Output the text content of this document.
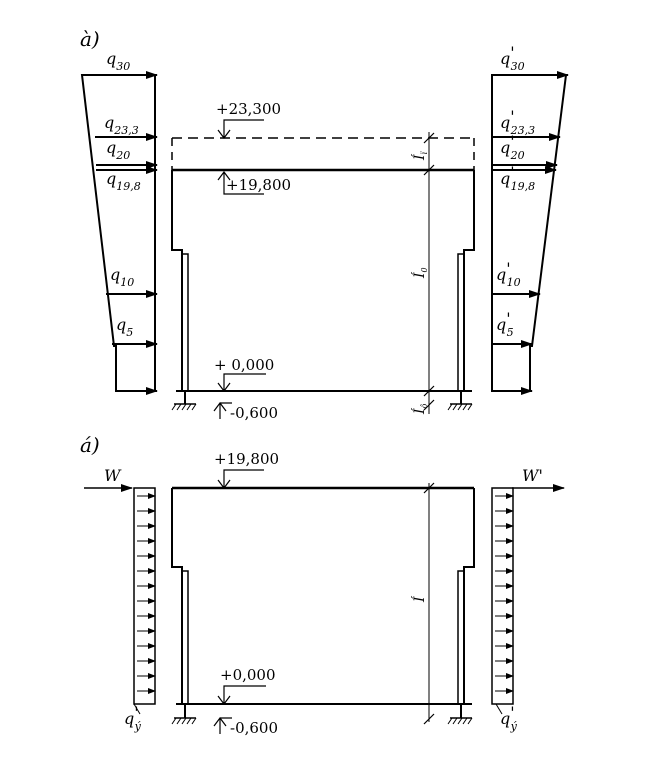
à)
$q_{30}$
$q_{23,3}$
$q_{20}$
$q_{19,8}$
$q_{10}$
$q_5$
q' 30
q' 23,3
q' 20
q' 19,8
q' 10
q' 5
+23,300
+19,800
+ 0,000
-0,600
$Í_ï$
$Í_0$
$Í_ô$
á)
W	W'
q' ý	q' ý
+19,800
+0,000
-0,600
Í
